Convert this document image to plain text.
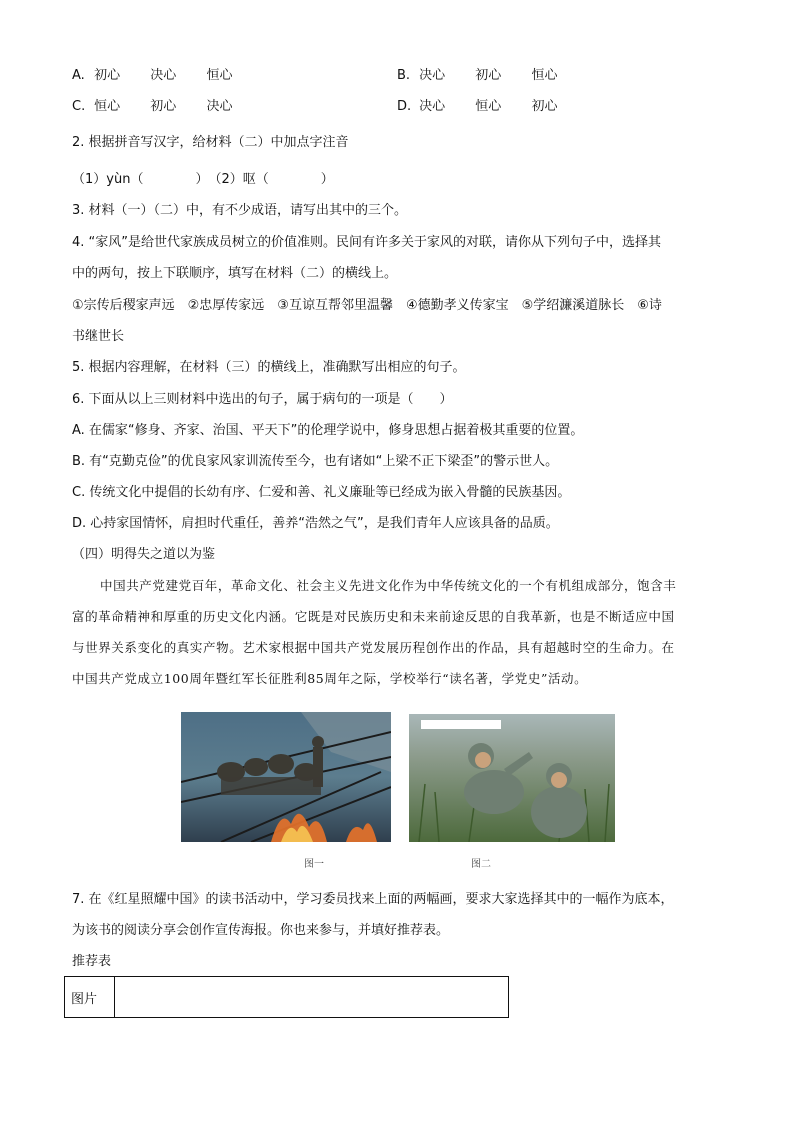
A. 初心 决心 恒心	B. 决心 初心 恒心
C. 恒心 初心 决心	D. 决心 恒心 初心
2. 根据拼音写汉字，给材料（二）中加点字注音
（1）yùn（　　　　）　（2）呕（　　　　）
3. 材料（一）（二）中，有不少成语，请写出其中的三个。
4. “家风”是给世代家族成员树立的价值准则。民间有许多关于家风的对联，请你从下列句子中，选择其
中的两句，按上下联顺序，填写在材料（二）的横线上。
①宗传后稷家声远　②忠厚传家远　③互谅互帮邻里温馨　④德勤孝义传家宝　⑤学绍濂溪道脉长　⑥诗
书继世长
5. 根据内容理解，在材料（三）的横线上，准确默写出相应的句子。
6. 下面从以上三则材料中选出的句子，属于病句的一项是（　　）
A. 在儒家“修身、齐家、治国、平天下”的伦理学说中，修身思想占据着极其重要的位置。
B. 有“克勤克俭”的优良家风家训流传至今，也有诸如“上梁不正下梁歪”的警示世人。
C. 传统文化中提倡的长幼有序、仁爱和善、礼义廉耻等已经成为嵌入骨髓的民族基因。
D. 心持家国情怀，肩担时代重任，善养“浩然之气”，是我们青年人应该具备的品质。
（四）明得失之道以为鉴
中国共产党建党百年，革命文化、社会主义先进文化作为中华传统文化的一个有机组成部分，饱含丰
富的革命精神和厚重的历史文化内涵。它既是对民族历史和未来前途反思的自我革新，也是不断适应中国
与世界关系变化的真实产物。艺术家根据中国共产党发展历程创作出的作品，具有超越时空的生命力。在
中国共产党成立100周年暨红军长征胜利85周年之际，学校举行“读名著，学党史”活动。
图一	图二
7. 在《红星照耀中国》的读书活动中，学习委员找来上面的两幅画，要求大家选择其中的一幅作为底本，
为该书的阅读分享会创作宣传海报。你也来参与，并填好推荐表。
推荐表
图片	
